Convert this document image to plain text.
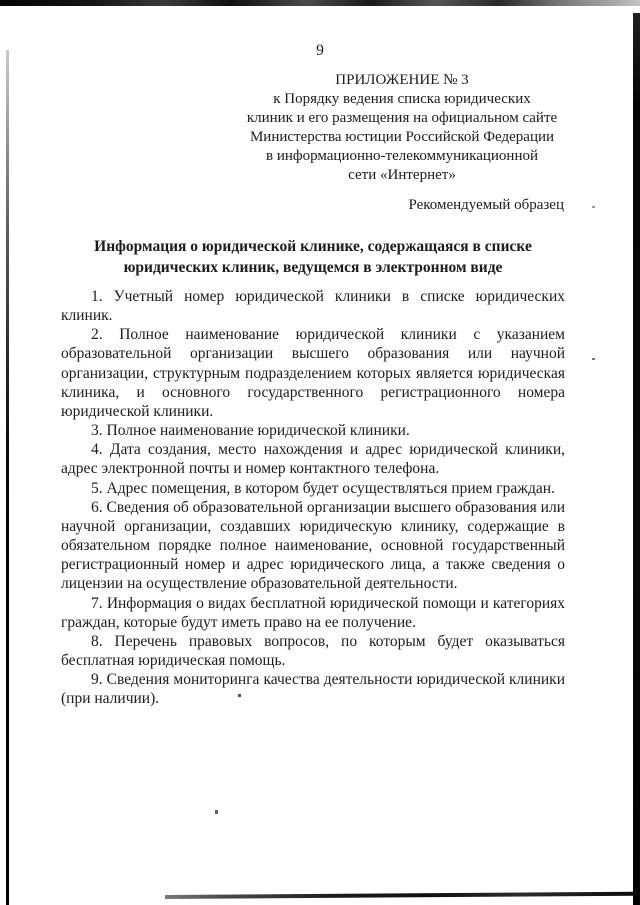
9
ПРИЛОЖЕНИЕ № 3
к Порядку ведения списка юридических
клиник и его размещения на официальном сайте
Министерства юстиции Российской Федерации
в информационно-телекоммуникационной
сети «Интернет»
Рекомендуемый образец
Информация о юридической клинике, содержащаяся в списке юридических клиник, ведущемся в электронном виде

1. Учетный номер юридической клиники в списке юридических клиник.

2. Полное наименование юридической клиники с указанием образовательной организации высшего образования или научной организации, структурным подразделением которых является юридическая клиника, и основного государственного регистрационного номера юридической клиники.

3. Полное наименование юридической клиники.

4. Дата создания, место нахождения и адрес юридической клиники, адрес электронной почты и номер контактного телефона.

5. Адрес помещения, в котором будет осуществляться прием граждан.

6. Сведения об образовательной организации высшего образования или научной организации, создавших юридическую клинику, содержащие в обязательном порядке полное наименование, основной государственный регистрационный номер и адрес юридического лица, а также сведения о лицензии на осуществление образовательной деятельности.

7. Информация о видах бесплатной юридической помощи и категориях граждан, которые будут иметь право на ее получение.

8. Перечень правовых вопросов, по которым будет оказываться бесплатная юридическая помощь.

9. Сведения мониторинга качества деятельности юридической клиники (при наличии).
